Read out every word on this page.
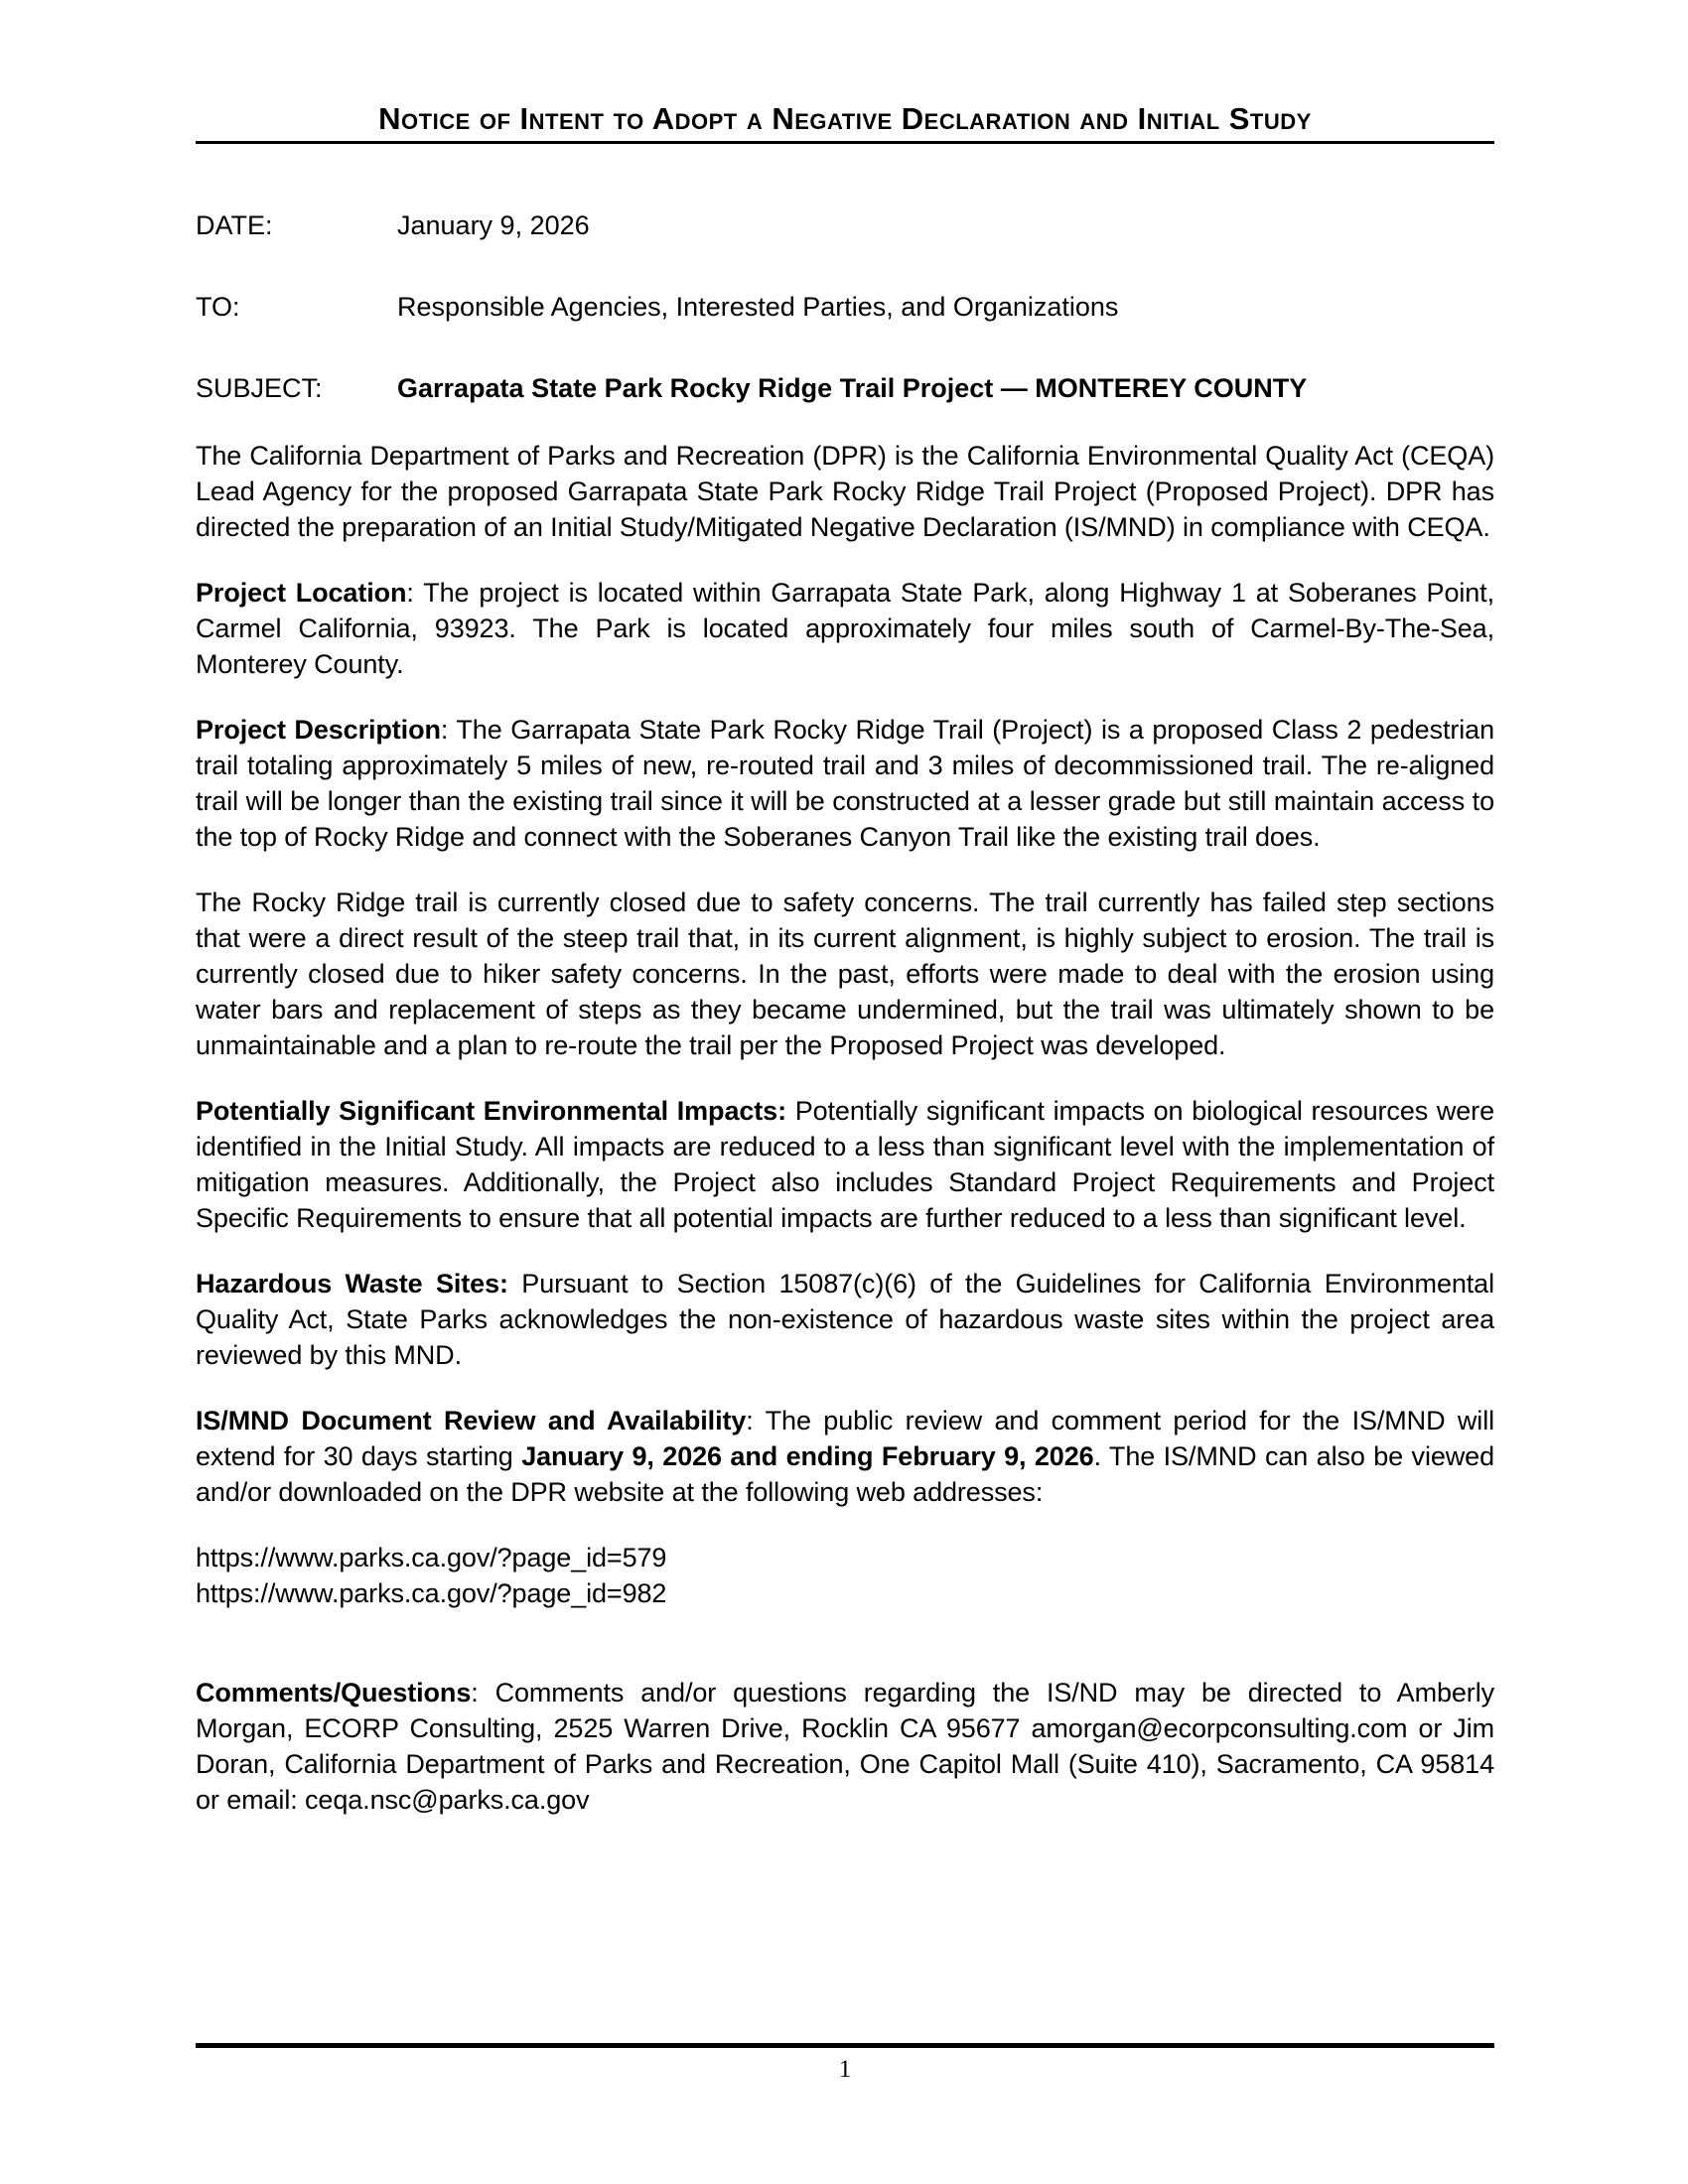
Notice of Intent to Adopt a Negative Declaration and Initial Study
DATE:	January 9, 2026
TO:	Responsible Agencies, Interested Parties, and Organizations
SUBJECT:	Garrapata State Park Rocky Ridge Trail Project — MONTEREY COUNTY

The California Department of Parks and Recreation (DPR) is the California Environmental Quality Act (CEQA) Lead Agency for the proposed Garrapata State Park Rocky Ridge Trail Project (Proposed Project). DPR has directed the preparation of an Initial Study/Mitigated Negative Declaration (IS/MND) in compliance with CEQA.

Project Location: The project is located within Garrapata State Park, along Highway 1 at Soberanes Point, Carmel California, 93923. The Park is located approximately four miles south of Carmel-By-The-Sea, Monterey County.

Project Description: The Garrapata State Park Rocky Ridge Trail (Project) is a proposed Class 2 pedestrian trail totaling approximately 5 miles of new, re-routed trail and 3 miles of decommissioned trail. The re-aligned trail will be longer than the existing trail since it will be constructed at a lesser grade but still maintain access to the top of Rocky Ridge and connect with the Soberanes Canyon Trail like the existing trail does.

The Rocky Ridge trail is currently closed due to safety concerns. The trail currently has failed step sections that were a direct result of the steep trail that, in its current alignment, is highly subject to erosion. The trail is currently closed due to hiker safety concerns. In the past, efforts were made to deal with the erosion using water bars and replacement of steps as they became undermined, but the trail was ultimately shown to be unmaintainable and a plan to re-route the trail per the Proposed Project was developed.

Potentially Significant Environmental Impacts: Potentially significant impacts on biological resources were identified in the Initial Study. All impacts are reduced to a less than significant level with the implementation of mitigation measures. Additionally, the Project also includes Standard Project Requirements and Project Specific Requirements to ensure that all potential impacts are further reduced to a less than significant level.

Hazardous Waste Sites: Pursuant to Section 15087(c)(6) of the Guidelines for California Environmental Quality Act, State Parks acknowledges the non-existence of hazardous waste sites within the project area reviewed by this MND.

IS/MND Document Review and Availability: The public review and comment period for the IS/MND will extend for 30 days starting January 9, 2026 and ending February 9, 2026. The IS/MND can also be viewed and/or downloaded on the DPR website at the following web addresses:

https://www.parks.ca.gov/?page_id=579
https://www.parks.ca.gov/?page_id=982

Comments/Questions: Comments and/or questions regarding the IS/ND may be directed to Amberly Morgan, ECORP Consulting, 2525 Warren Drive, Rocklin CA 95677 amorgan@ecorpconsulting.com or Jim Doran, California Department of Parks and Recreation, One Capitol Mall (Suite 410), Sacramento, CA 95814 or email: ceqa.nsc@parks.ca.gov

1
